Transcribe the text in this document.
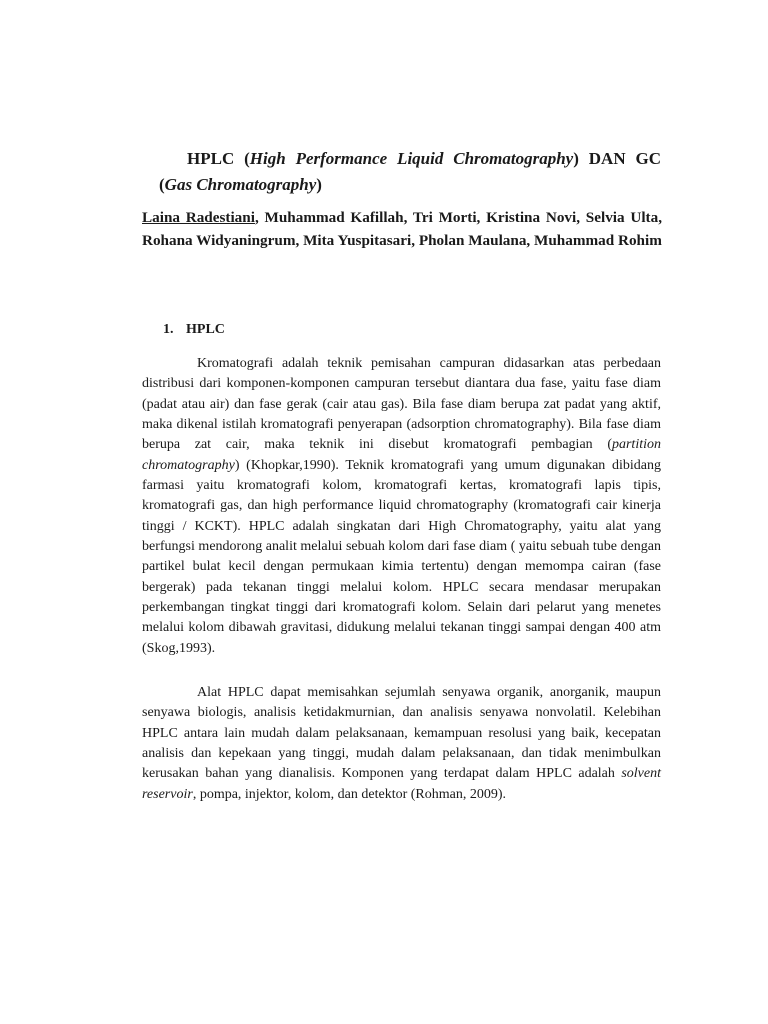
HPLC (High Performance Liquid Chromatography) DAN GC (Gas Chromatography)

Laina Radestiani, Muhammad Kafillah, Tri Morti, Kristina Novi, Selvia Ulta, Rohana Widyaningrum, Mita Yuspitasari, Pholan Maulana, Muhammad Rohim

1. HPLC

Kromatografi adalah teknik pemisahan campuran didasarkan atas perbedaan distribusi dari komponen-komponen campuran tersebut diantara dua fase, yaitu fase diam (padat atau air) dan fase gerak (cair atau gas). Bila fase diam berupa zat padat yang aktif, maka dikenal istilah kromatografi penyerapan (adsorption chromatography). Bila fase diam berupa zat cair, maka teknik ini disebut kromatografi pembagian (partition chromatography) (Khopkar,1990). Teknik kromatografi yang umum digunakan dibidang farmasi yaitu kromatografi kolom, kromatografi kertas, kromatografi lapis tipis, kromatografi gas, dan high performance liquid chromatography (kromatografi cair kinerja tinggi / KCKT). HPLC adalah singkatan dari High Chromatography, yaitu alat yang berfungsi mendorong analit melalui sebuah kolom dari fase diam ( yaitu sebuah tube dengan partikel bulat kecil dengan permukaan kimia tertentu) dengan memompa cairan (fase bergerak) pada tekanan tinggi melalui kolom. HPLC secara mendasar merupakan perkembangan tingkat tinggi dari kromatografi kolom. Selain dari pelarut yang menetes melalui kolom dibawah gravitasi, didukung melalui tekanan tinggi sampai dengan 400 atm (Skog,1993).

Alat HPLC dapat memisahkan sejumlah senyawa organik, anorganik, maupun senyawa biologis, analisis ketidakmurnian, dan analisis senyawa nonvolatil. Kelebihan HPLC antara lain mudah dalam pelaksanaan, kemampuan resolusi yang baik, kecepatan analisis dan kepekaan yang tinggi, mudah dalam pelaksanaan, dan tidak menimbulkan kerusakan bahan yang dianalisis. Komponen yang terdapat dalam HPLC adalah solvent reservoir, pompa, injektor, kolom, dan detektor (Rohman, 2009).
